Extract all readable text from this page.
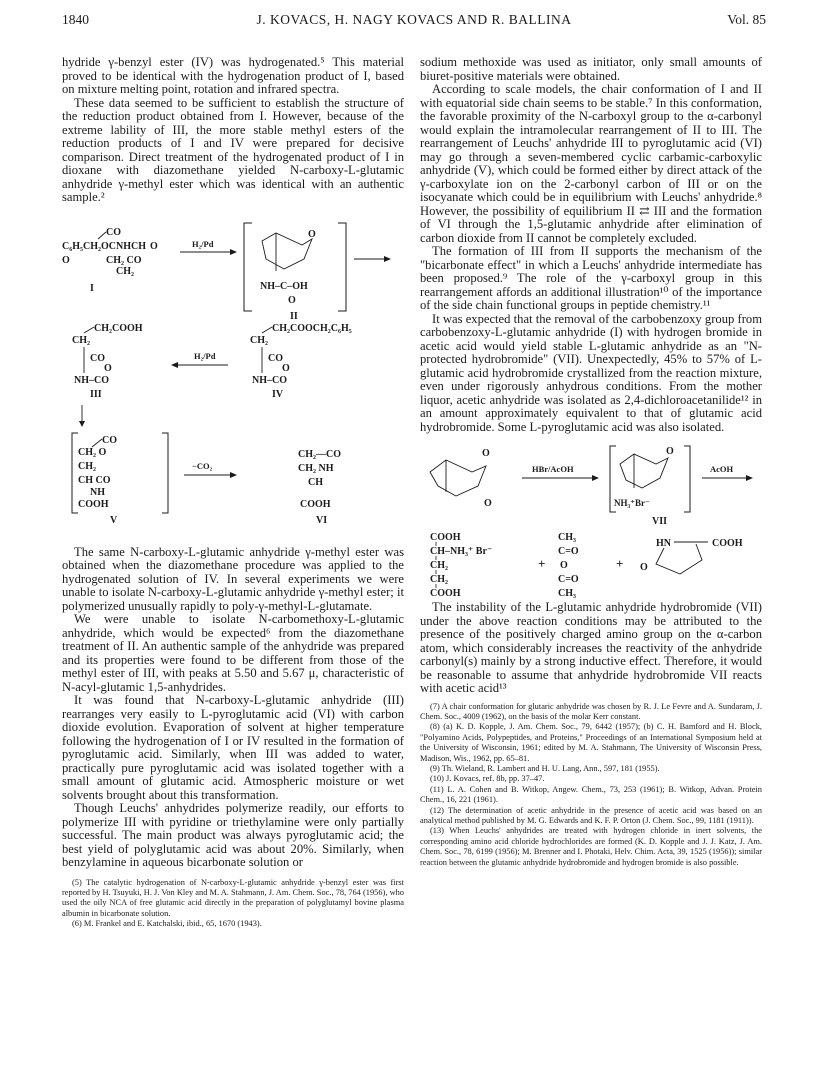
1840	J. KOVACS, H. NAGY KOVACS AND R. BALLINA	Vol. 85

hydride γ-benzyl ester (IV) was hydrogenated.⁵ This material proved to be identical with the hydrogenation product of I, based on mixture melting point, rotation and infrared spectra.

These data seemed to be sufficient to establish the structure of the reduction product obtained from I. However, because of the extreme lability of III, the more stable methyl esters of the reduction products of I and IV were prepared for decisive comparison. Direct treatment of the hydrogenated product of I in dioxane with diazomethane yielded N-carboxy-L-glutamic anhydride γ-methyl ester which was identical with an authentic sample.²

CO
C₆H₅CH₂OCNHCH O
O	CH₂ CO
CH₂
I
H₂/Pd
O
NH–C–OH
O
II
CH₂COOH
CH₂
CO
O
NH–CO
III
H₂/Pd
CH₂COOCH₂C₆H₅
CH₂
CO
O
NH–CO
IV
CO
CH₂ O
CH₂
CH CO
NH
COOH
V
−CO₂
CH₂—CO
CH₂ NH
CH
COOH
VI

The same N-carboxy-L-glutamic anhydride γ-methyl ester was obtained when the diazomethane procedure was applied to the hydrogenated solution of IV. In several experiments we were unable to isolate N-carboxy-L-glutamic anhydride γ-methyl ester; it polymerized unusually rapidly to poly-γ-methyl-L-glutamate.

We were unable to isolate N-carbomethoxy-L-glutamic anhydride, which would be expected⁶ from the diazomethane treatment of II. An authentic sample of the anhydride was prepared and its properties were found to be different from those of the methyl ester of III, with peaks at 5.50 and 5.67 μ, characteristic of N-acyl-glutamic 1,5-anhydrides.

It was found that N-carboxy-L-glutamic anhydride (III) rearranges very easily to L-pyroglutamic acid (VI) with carbon dioxide evolution. Evaporation of solvent at higher temperature following the hydrogenation of I or IV resulted in the formation of pyroglutamic acid. Similarly, when III was added to water, practically pure pyroglutamic acid was isolated together with a small amount of glutamic acid. Atmospheric moisture or wet solvents brought about this transformation.

Though Leuchs' anhydrides polymerize readily, our efforts to polymerize III with pyridine or triethylamine were only partially successful. The main product was always pyroglutamic acid; the best yield of polyglutamic acid was about 20%. Similarly, when benzylamine in aqueous bicarbonate solution or

(5) The catalytic hydrogenation of N-carboxy-L-glutamic anhydride γ-benzyl ester was first reported by H. Tsuyuki, H. J. Von Kley and M. A. Stahmann, J. Am. Chem. Soc., 78, 764 (1956), who used the oily NCA of free glutamic acid directly in the preparation of polyglutamyl bovine plasma albumin in bicarbonate solution.

(6) M. Frankel and E. Katchalski, ibid., 65, 1670 (1943).

sodium methoxide was used as initiator, only small amounts of biuret-positive materials were obtained.

According to scale models, the chair conformation of I and II with equatorial side chain seems to be stable.⁷ In this conformation, the favorable proximity of the N-carboxyl group to the α-carbonyl would explain the intramolecular rearrangement of II to III. The rearrangement of Leuchs' anhydride III to pyroglutamic acid (VI) may go through a seven-membered cyclic carbamic-carboxylic anhydride (V), which could be formed either by direct attack of the γ-carboxylate ion on the 2-carbonyl carbon of III or on the isocyanate which could be in equilibrium with Leuchs' anhydride.⁸ However, the possibility of equilibrium II ⇄ III and the formation of VI through the 1,5-glutamic anhydride after elimination of carbon dioxide from II cannot be completely excluded.

The formation of III from II supports the mechanism of the "bicarbonate effect" in which a Leuchs' anhydride intermediate has been proposed.⁹ The role of the γ-carboxyl group in this rearrangement affords an additional illustration¹⁰ of the importance of the side chain functional groups in peptide chemistry.¹¹

It was expected that the removal of the carbobenzoxy group from carbobenzoxy-L-glutamic anhydride (I) with hydrogen bromide in acetic acid would yield stable L-glutamic anhydride as an "N-protected hydrobromide" (VII). Unexpectedly, 45% to 57% of L-glutamic acid hydrobromide crystallized from the reaction mixture, even under rigorously anhydrous conditions. From the mother liquor, acetic anhydride was isolated as 2,4-dichloroacetanilide¹² in an amount approximately equivalent to that of glutamic acid hydrobromide. Some L-pyroglutamic acid was also isolated.

O
O
HBr/AcOH
O
NH₃⁺Br⁻
VII
AcOH
COOH
CH–NH₃⁺ Br⁻
CH₂
CH₂
COOH
+
CH₃
C=O
O
C=O
CH₃
+
HN	COOH
O

The instability of the L-glutamic anhydride hydrobromide (VII) under the above reaction conditions may be attributed to the presence of the positively charged amino group on the α-carbon atom, which considerably increases the reactivity of the anhydride carbonyl(s) mainly by a strong inductive effect. Therefore, it would be reasonable to assume that anhydride hydrobromide VII reacts with acetic acid¹³

(7) A chair conformation for glutaric anhydride was chosen by R. J. Le Fevre and A. Sundaram, J. Chem. Soc., 4009 (1962), on the basis of the molar Kerr constant.

(8) (a) K. D. Kopple, J. Am. Chem. Soc., 79, 6442 (1957); (b) C. H. Bamford and H. Block, "Polyamino Acids, Polypeptides, and Proteins," Proceedings of an International Symposium held at the University of Wisconsin, 1961; edited by M. A. Stahmann, The University of Wisconsin Press, Madison, Wis., 1962, pp. 65–81.

(9) Th. Wieland, R. Lambert and H. U. Lang, Ann., 597, 181 (1955).

(10) J. Kovacs, ref. 8b, pp. 37–47.

(11) L. A. Cohen and B. Witkop, Angew. Chem., 73, 253 (1961); B. Witkop, Advan. Protein Chem., 16, 221 (1961).

(12) The determination of acetic anhydride in the presence of acetic acid was based on an analytical method published by M. G. Edwards and K. F. P. Orton (J. Chem. Soc., 99, 1181 (1911)).

(13) When Leuchs' anhydrides are treated with hydrogen chloride in inert solvents, the corresponding amino acid chloride hydrochlorides are formed (K. D. Kopple and J. J. Katz, J. Am. Chem. Soc., 78, 6199 (1956); M. Brenner and I. Photaki, Helv. Chim. Acta, 39, 1525 (1956)); similar reaction between the glutamic anhydride hydrobromide and hydrogen bromide is also possible.
